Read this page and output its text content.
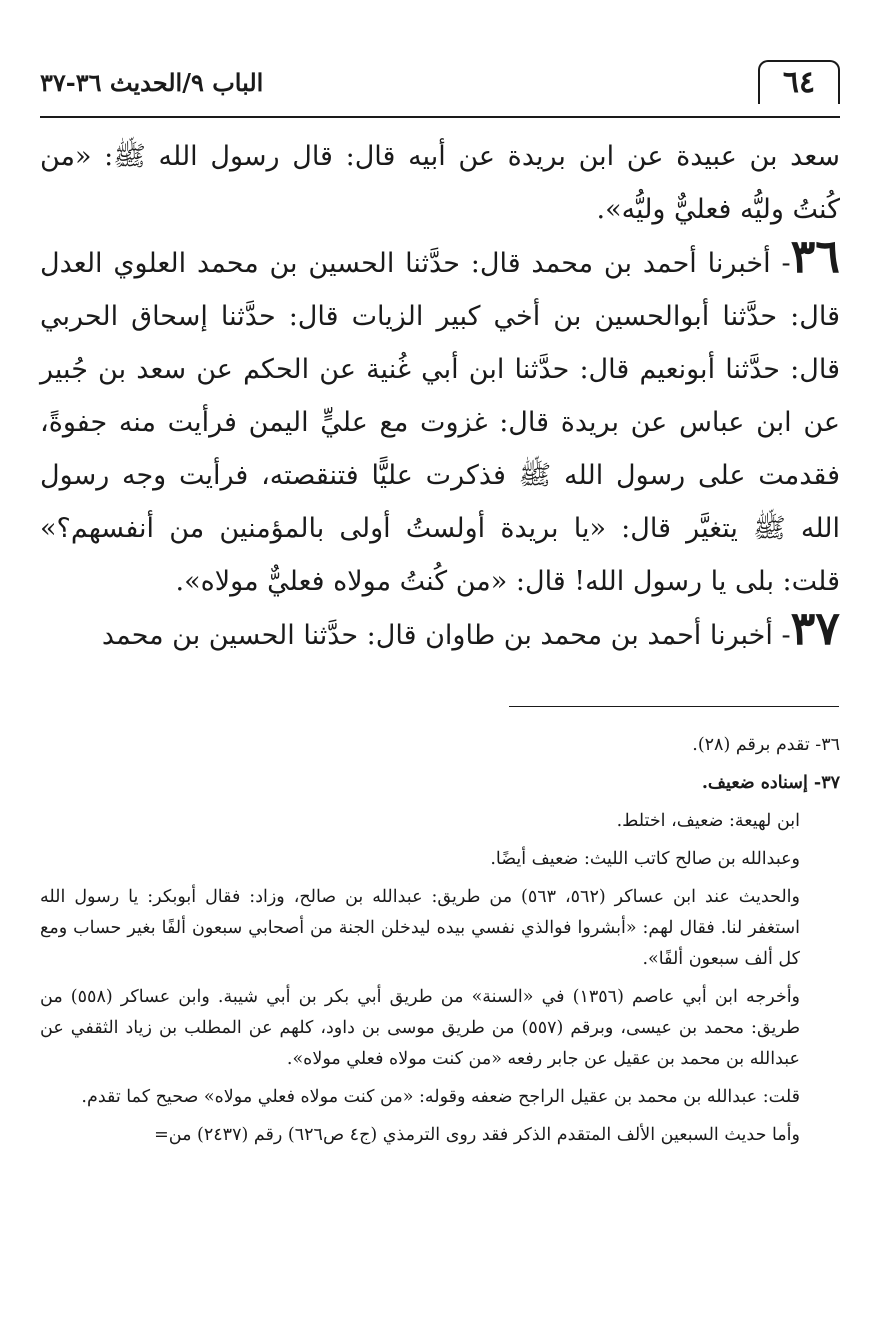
٦٤
الباب ٩/الحديث ٣٦-٣٧

سعد بن عبيدة عن ابن بريدة عن أبيه قال: قال رسول الله ﷺ: «من كُنتُ وليُّه فعليٌّ وليُّه».

٣٦- أخبرنا أحمد بن محمد قال: حدَّثنا الحسين بن محمد العلوي العدل قال: حدَّثنا أبوالحسين بن أخي كبير الزيات قال: حدَّثنا إسحاق الحربي قال: حدَّثنا أبونعيم قال: حدَّثنا ابن أبي غُنية عن الحكم عن سعد بن جُبير عن ابن عباس عن بريدة قال: غزوت مع عليٍّ اليمن فرأيت منه جفوةً، فقدمت على رسول الله ﷺ فذكرت عليًّا فتنقصته، فرأيت وجه رسول الله ﷺ يتغيَّر قال: «يا بريدة أولستُ أولى بالمؤمنين من أنفسهم؟» قلت: بلى يا رسول الله! قال: «من كُنتُ مولاه فعليٌّ مولاه».

٣٧- أخبرنا أحمد بن محمد بن طاوان قال: حدَّثنا الحسين بن محمد

٣٦- تقدم برقم (٢٨).

٣٧- إسناده ضعيف.

ابن لهيعة: ضعيف، اختلط.

وعبدالله بن صالح كاتب الليث: ضعيف أيضًا.

والحديث عند ابن عساكر (٥٦٢، ٥٦٣) من طريق: عبدالله بن صالح، وزاد: فقال أبوبكر: يا رسول الله استغفر لنا. فقال لهم: «أبشروا فوالذي نفسي بيده ليدخلن الجنة من أصحابي سبعون ألفًا بغير حساب ومع كل ألف سبعون ألفًا».

وأخرجه ابن أبي عاصم (١٣٥٦) في «السنة» من طريق أبي بكر بن أبي شيبة. وابن عساكر (٥٥٨) من طريق: محمد بن عيسى، وبرقم (٥٥٧) من طريق موسى بن داود، كلهم عن المطلب بن زياد الثقفي عن عبدالله بن محمد بن عقيل عن جابر رفعه «من كنت مولاه فعلي مولاه».

قلت: عبدالله بن محمد بن عقيل الراجح ضعفه وقوله: «من كنت مولاه فعلي مولاه» صحيح كما تقدم.

وأما حديث السبعين الألف المتقدم الذكر فقد روى الترمذي (ج٤ ص٦٢٦) رقم (٢٤٣٧) من=
